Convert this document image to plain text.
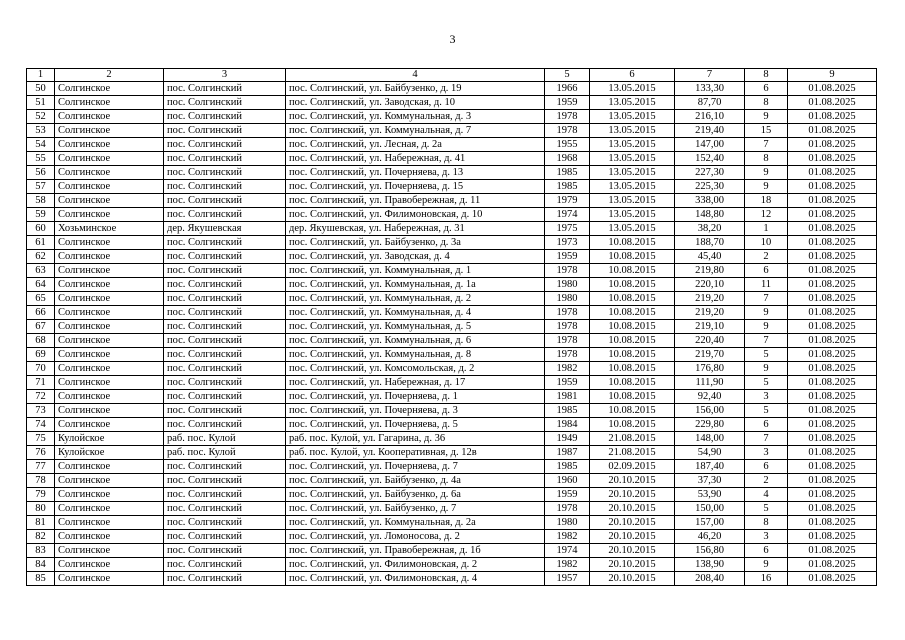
3
1	2	3	4	5	6	7	8	9
50	Солгинское	пос. Солгинский	пос. Солгинский, ул. Байбузенко, д. 19	1966	13.05.2015	133,30	6	01.08.2025
51	Солгинское	пос. Солгинский	пос. Солгинский, ул. Заводская, д. 10	1959	13.05.2015	87,70	8	01.08.2025
52	Солгинское	пос. Солгинский	пос. Солгинский, ул. Коммунальная, д. 3	1978	13.05.2015	216,10	9	01.08.2025
53	Солгинское	пос. Солгинский	пос. Солгинский, ул. Коммунальная, д. 7	1978	13.05.2015	219,40	15	01.08.2025
54	Солгинское	пос. Солгинский	пос. Солгинский, ул. Лесная, д. 2а	1955	13.05.2015	147,00	7	01.08.2025
55	Солгинское	пос. Солгинский	пос. Солгинский, ул. Набережная, д. 41	1968	13.05.2015	152,40	8	01.08.2025
56	Солгинское	пос. Солгинский	пос. Солгинский, ул. Почерняева, д. 13	1985	13.05.2015	227,30	9	01.08.2025
57	Солгинское	пос. Солгинский	пос. Солгинский, ул. Почерняева, д. 15	1985	13.05.2015	225,30	9	01.08.2025
58	Солгинское	пос. Солгинский	пос. Солгинский, ул. Правобережная, д. 11	1979	13.05.2015	338,00	18	01.08.2025
59	Солгинское	пос. Солгинский	пос. Солгинский, ул. Филимоновская, д. 10	1974	13.05.2015	148,80	12	01.08.2025
60	Хозьминское	дер. Якушевская	дер. Якушевская, ул. Набережная, д. 31	1975	13.05.2015	38,20	1	01.08.2025
61	Солгинское	пос. Солгинский	пос. Солгинский, ул. Байбузенко, д. 3а	1973	10.08.2015	188,70	10	01.08.2025
62	Солгинское	пос. Солгинский	пос. Солгинский, ул. Заводская, д. 4	1959	10.08.2015	45,40	2	01.08.2025
63	Солгинское	пос. Солгинский	пос. Солгинский, ул. Коммунальная, д. 1	1978	10.08.2015	219,80	6	01.08.2025
64	Солгинское	пос. Солгинский	пос. Солгинский, ул. Коммунальная, д. 1а	1980	10.08.2015	220,10	11	01.08.2025
65	Солгинское	пос. Солгинский	пос. Солгинский, ул. Коммунальная, д. 2	1980	10.08.2015	219,20	7	01.08.2025
66	Солгинское	пос. Солгинский	пос. Солгинский, ул. Коммунальная, д. 4	1978	10.08.2015	219,20	9	01.08.2025
67	Солгинское	пос. Солгинский	пос. Солгинский, ул. Коммунальная, д. 5	1978	10.08.2015	219,10	9	01.08.2025
68	Солгинское	пос. Солгинский	пос. Солгинский, ул. Коммунальная, д. 6	1978	10.08.2015	220,40	7	01.08.2025
69	Солгинское	пос. Солгинский	пос. Солгинский, ул. Коммунальная, д. 8	1978	10.08.2015	219,70	5	01.08.2025
70	Солгинское	пос. Солгинский	пос. Солгинский, ул. Комсомольская, д. 2	1982	10.08.2015	176,80	9	01.08.2025
71	Солгинское	пос. Солгинский	пос. Солгинский, ул. Набережная, д. 17	1959	10.08.2015	111,90	5	01.08.2025
72	Солгинское	пос. Солгинский	пос. Солгинский, ул. Почерняева, д. 1	1981	10.08.2015	92,40	3	01.08.2025
73	Солгинское	пос. Солгинский	пос. Солгинский, ул. Почерняева, д. 3	1985	10.08.2015	156,00	5	01.08.2025
74	Солгинское	пос. Солгинский	пос. Солгинский, ул. Почерняева, д. 5	1984	10.08.2015	229,80	6	01.08.2025
75	Кулойское	раб. пос. Кулой	раб. пос. Кулой, ул. Гагарина, д. 36	1949	21.08.2015	148,00	7	01.08.2025
76	Кулойское	раб. пос. Кулой	раб. пос. Кулой, ул. Кооперативная, д. 12в	1987	21.08.2015	54,90	3	01.08.2025
77	Солгинское	пос. Солгинский	пос. Солгинский, ул. Почерняева, д. 7	1985	02.09.2015	187,40	6	01.08.2025
78	Солгинское	пос. Солгинский	пос. Солгинский, ул. Байбузенко, д. 4а	1960	20.10.2015	37,30	2	01.08.2025
79	Солгинское	пос. Солгинский	пос. Солгинский, ул. Байбузенко, д. 6а	1959	20.10.2015	53,90	4	01.08.2025
80	Солгинское	пос. Солгинский	пос. Солгинский, ул. Байбузенко, д. 7	1978	20.10.2015	150,00	5	01.08.2025
81	Солгинское	пос. Солгинский	пос. Солгинский, ул. Коммунальная, д. 2а	1980	20.10.2015	157,00	8	01.08.2025
82	Солгинское	пос. Солгинский	пос. Солгинский, ул. Ломоносова, д. 2	1982	20.10.2015	46,20	3	01.08.2025
83	Солгинское	пос. Солгинский	пос. Солгинский, ул. Правобережная, д. 1б	1974	20.10.2015	156,80	6	01.08.2025
84	Солгинское	пос. Солгинский	пос. Солгинский, ул. Филимоновская, д. 2	1982	20.10.2015	138,90	9	01.08.2025
85	Солгинское	пос. Солгинский	пос. Солгинский, ул. Филимоновская, д. 4	1957	20.10.2015	208,40	16	01.08.2025
